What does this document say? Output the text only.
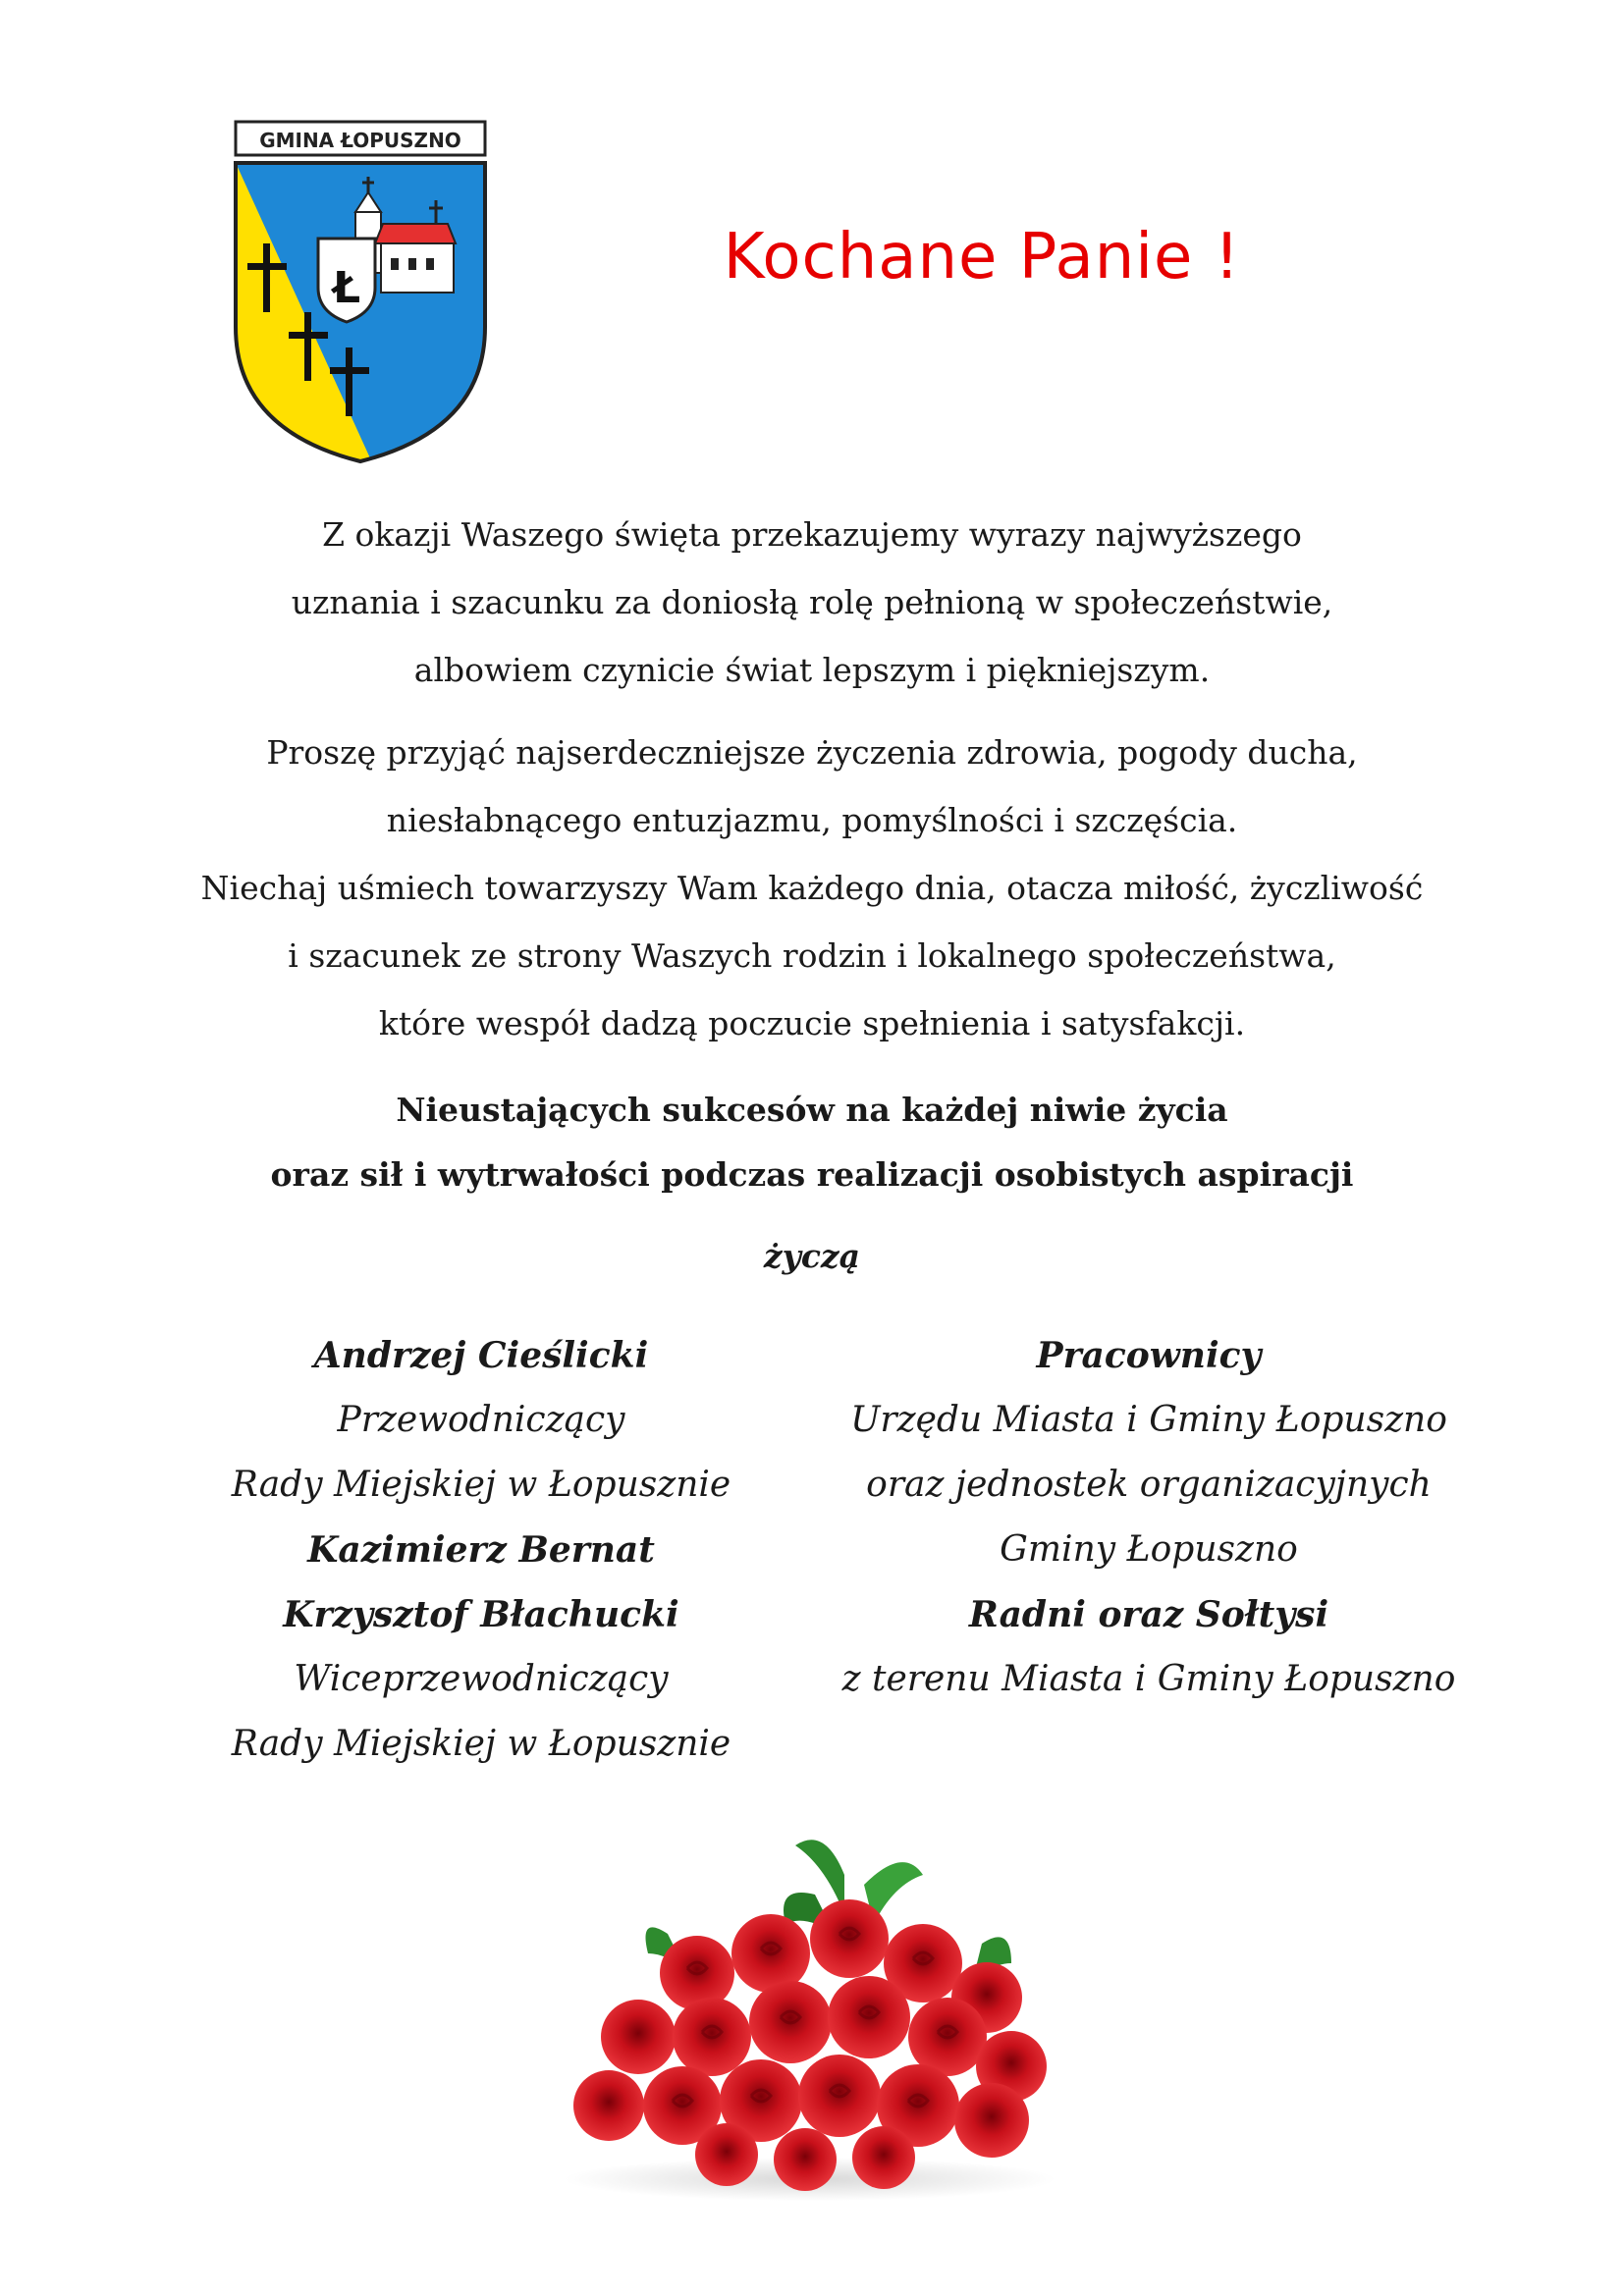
GMINA ŁOPUSZNO
Ł	Kochane Panie !

Z okazji Waszego święta przekazujemy wyrazy najwyższego

uznania i szacunku za doniosłą rolę pełnioną w społeczeństwie,

albowiem czynicie świat lepszym i piękniejszym.

Proszę przyjąć najserdeczniejsze życzenia zdrowia, pogody ducha,

niesłabnącego entuzjazmu, pomyślności i szczęścia.

Niechaj uśmiech towarzyszy Wam każdego dnia, otacza miłość, życzliwość

i szacunek ze strony Waszych rodzin i lokalnego społeczeństwa,

które wespół dadzą poczucie spełnienia i satysfakcji.

Nieustających sukcesów na każdej niwie życia

oraz sił i wytrwałości podczas realizacji osobistych aspiracji

życzą

Andrzej Cieślicki

Przewodniczący

Rady Miejskiej w Łopusznie

Kazimierz Bernat

Krzysztof Błachucki

Wiceprzewodniczący

Rady Miejskiej w Łopusznie

Pracownicy

Urzędu Miasta i Gminy Łopuszno

oraz jednostek organizacyjnych

Gminy Łopuszno

Radni oraz Sołtysi

z terenu Miasta i Gminy Łopuszno
